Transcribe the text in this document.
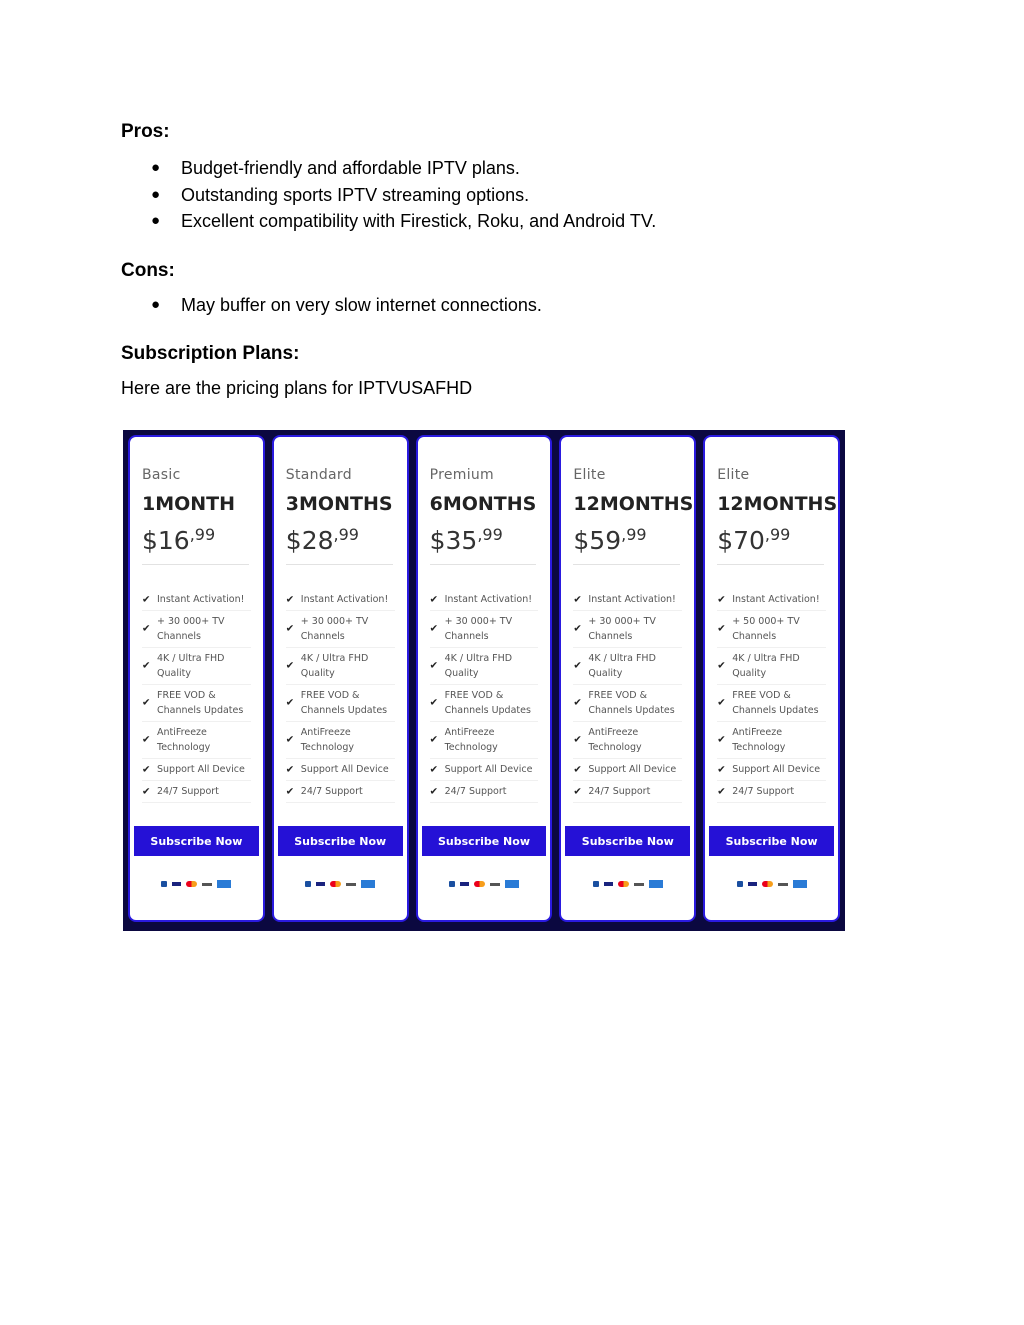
Pros:
● Budget-friendly and affordable IPTV plans.
● Outstanding sports IPTV streaming options.
● Excellent compatibility with Firestick, Roku, and Android TV.
Cons:
● May buffer on very slow internet connections.
Subscription Plans:

Here are the pricing plans for IPTVUSAFHD

Basic
1MONTH
$\$16^{,99}$
✔ Instant Activation!
✔
+ 30 000+ TV Channels
✔
4K / Ultra FHD Quality
✔
FREE VOD & Channels Updates
✔
AntiFreeze Technology
✔ Support All Device
✔ 24/7 Support
Subscribe Now
Standard
3MONTHS
$\$28^{,99}$
✔ Instant Activation!
✔
+ 30 000+ TV Channels
✔
4K / Ultra FHD Quality
✔
FREE VOD & Channels Updates
✔
AntiFreeze Technology
✔ Support All Device
✔ 24/7 Support
Subscribe Now
Premium
6MONTHS
$\$35^{,99}$
✔ Instant Activation!
✔
+ 30 000+ TV Channels
✔
4K / Ultra FHD Quality
✔
FREE VOD & Channels Updates
✔
AntiFreeze Technology
✔ Support All Device
✔ 24/7 Support
Subscribe Now
Elite
12MONTHS
$\$59^{,99}$
✔ Instant Activation!
✔
+ 30 000+ TV Channels
✔
4K / Ultra FHD Quality
✔
FREE VOD & Channels Updates
✔
AntiFreeze Technology
✔ Support All Device
✔ 24/7 Support
Subscribe Now
Elite
12MONTHS
$\$70^{,99}$
✔ Instant Activation!
✔
+ 50 000+ TV Channels
✔
4K / Ultra FHD Quality
✔
FREE VOD & Channels Updates
✔
AntiFreeze Technology
✔ Support All Device
✔ 24/7 Support
Subscribe Now
